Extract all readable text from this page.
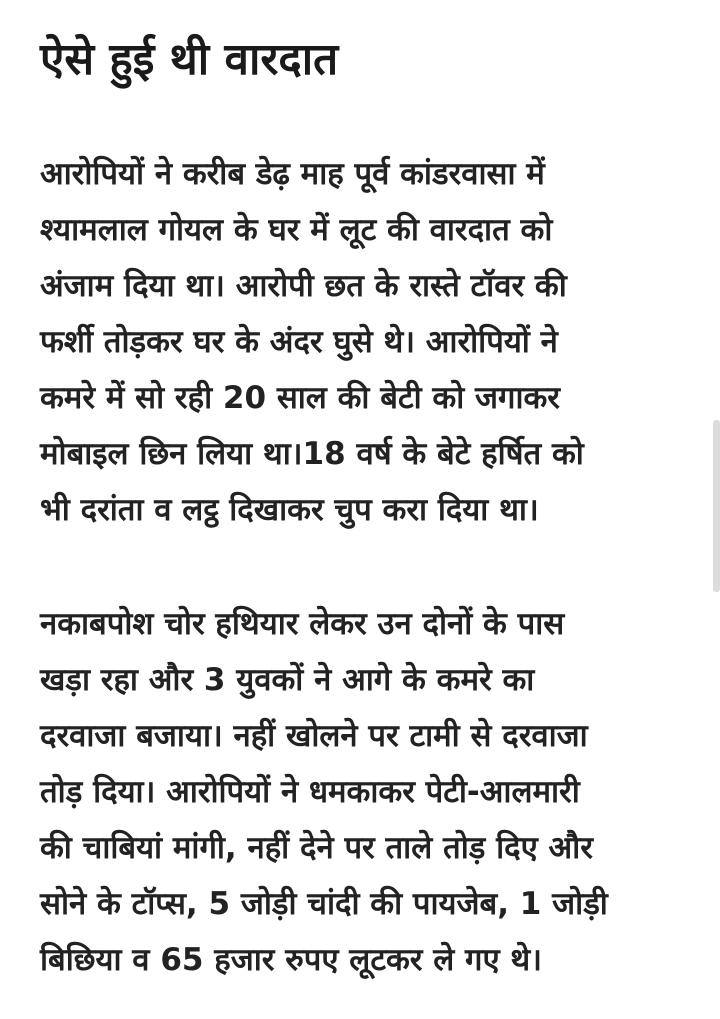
ऐसे हुई थी वारदात

आरोपियों ने करीब डेढ़ माह पूर्व कांडरवासा में
श्यामलाल गोयल के घर में लूट की वारदात को
अंजाम दिया था। आरोपी छत के रास्ते टॉवर की
फर्शी तोड़कर घर के अंदर घुसे थे। आरोपियों ने
कमरे में सो रही 20 साल की बेटी को जगाकर
मोबाइल छिन लिया था।18 वर्ष के बेटे हर्षित को
भी दरांता व लट्ठ दिखाकर चुप करा दिया था।

नकाबपोश चोर हथियार लेकर उन दोनों के पास
खड़ा रहा और 3 युवकों ने आगे के कमरे का
दरवाजा बजाया। नहीं खोलने पर टामी से दरवाजा
तोड़ दिया। आरोपियों ने धमकाकर पेटी-आलमारी
की चाबियां मांगी, नहीं देने पर ताले तोड़ दिए और
सोने के टॉप्स, 5 जोड़ी चांदी की पायजेब, 1 जोड़ी
बिछिया व 65 हजार रुपए लूटकर ले गए थे।
